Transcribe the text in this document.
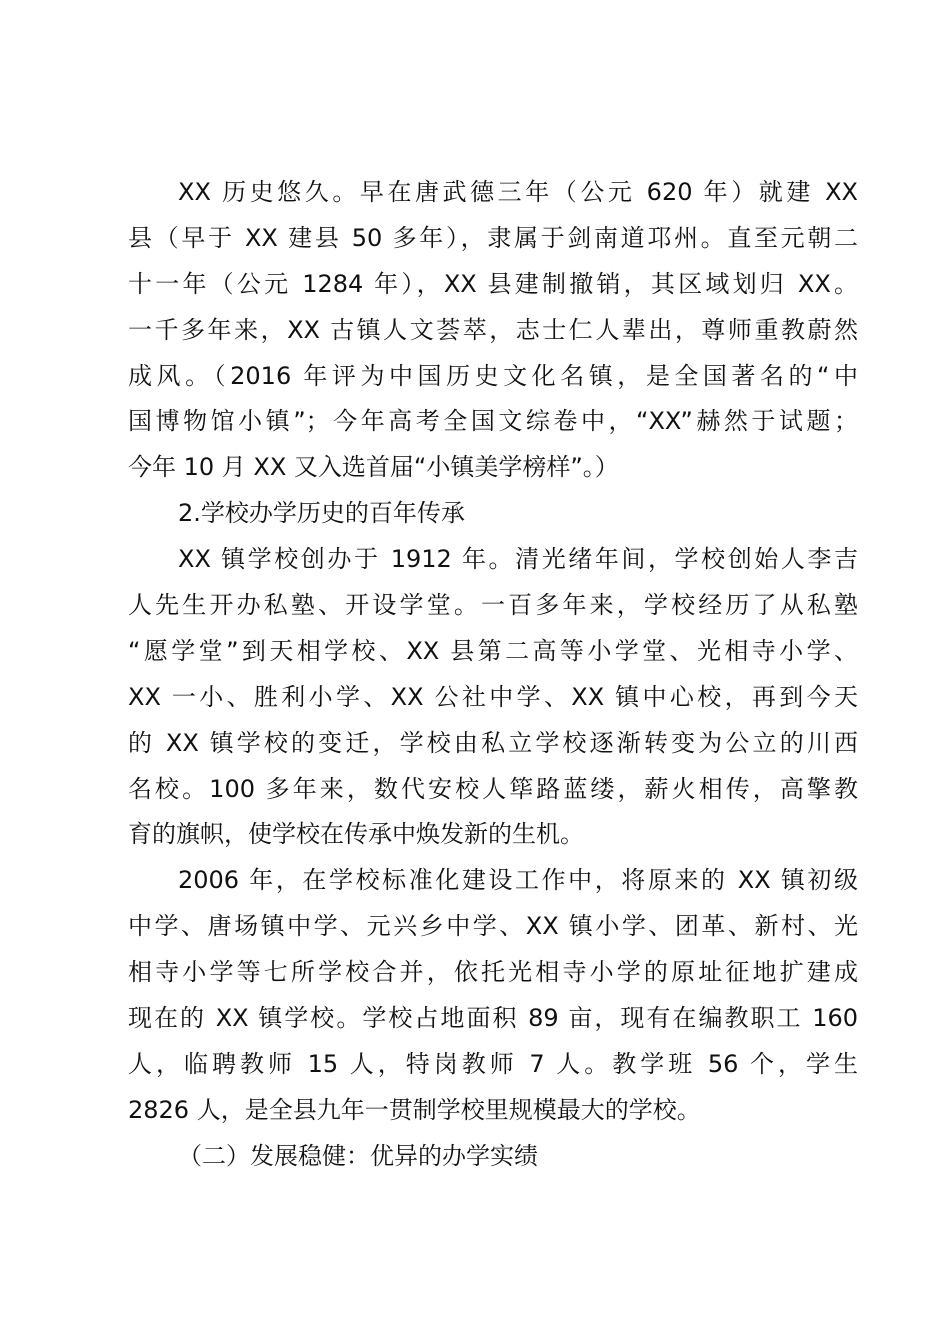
XX 历史悠久。早在唐武德三年（公元 620 年）就建 XX
县（早于 XX 建县 50 多年），隶属于剑南道邛州。直至元朝二
十一年（公元 1284 年），XX 县建制撤销，其区域划归 XX。
一千多年来，XX 古镇人文荟萃，志士仁人辈出，尊师重教蔚然
成风。（2016 年评为中国历史文化名镇，是全国著名的“中
国博物馆小镇”；今年高考全国文综卷中，“XX”赫然于试题；
今年 10 月 XX 又入选首届“小镇美学榜样”。）
2.学校办学历史的百年传承
XX 镇学校创办于 1912 年。清光绪年间，学校创始人李吉
人先生开办私塾、开设学堂。一百多年来，学校经历了从私塾
“愿学堂”到天相学校、XX 县第二高等小学堂、光相寺小学、
XX 一小、胜利小学、XX 公社中学、XX 镇中心校，再到今天
的 XX 镇学校的变迁，学校由私立学校逐渐转变为公立的川西
名校。100 多年来，数代安校人筚路蓝缕，薪火相传，高擎教
育的旗帜，使学校在传承中焕发新的生机。
2006 年，在学校标准化建设工作中，将原来的 XX 镇初级
中学、唐场镇中学、元兴乡中学、XX 镇小学、团革、新村、光
相寺小学等七所学校合并，依托光相寺小学的原址征地扩建成
现在的 XX 镇学校。学校占地面积 89 亩，现有在编教职工 160
人，临聘教师 15 人，特岗教师 7 人。教学班 56 个，学生
2826 人，是全县九年一贯制学校里规模最大的学校。
（二）发展稳健：优异的办学实绩
